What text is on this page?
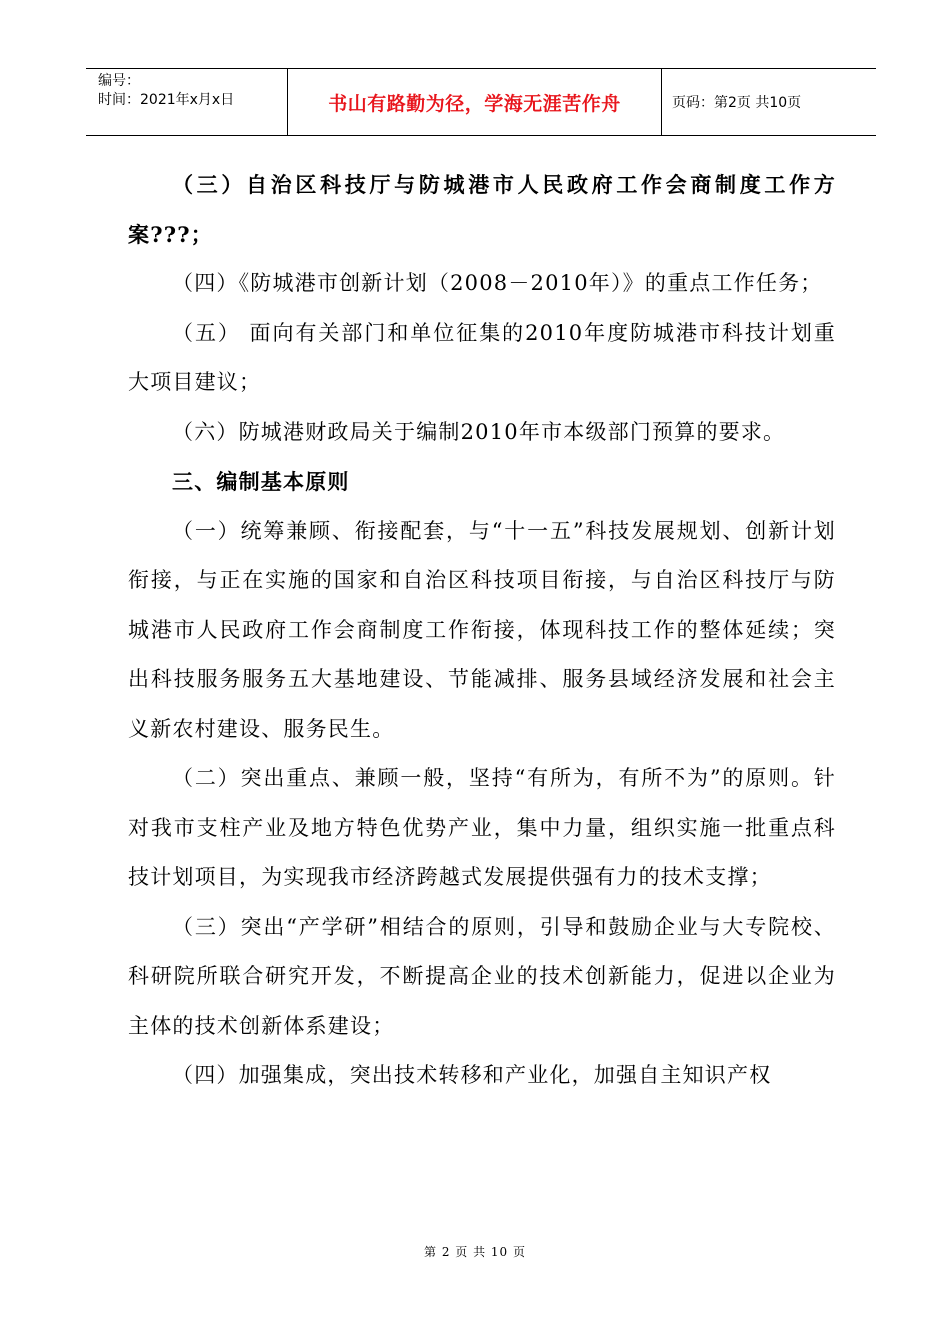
编号：
时间：2021年x月x日	书山有路勤为径，学海无涯苦作舟	页码：第2页 共10页

（三）自治区科技厅与防城港市人民政府工作会商制度工作方案???；

（四）《防城港市创新计划（2008－2010年）》的重点工作任务；

（五） 面向有关部门和单位征集的2010年度防城港市科技计划重大项目建议；

（六）防城港财政局关于编制2010年市本级部门预算的要求。

三、编制基本原则

（一）统筹兼顾、衔接配套，与“十一五”科技发展规划、创新计划衔接，与正在实施的国家和自治区科技项目衔接，与自治区科技厅与防城港市人民政府工作会商制度工作衔接，体现科技工作的整体延续；突出科技服务服务五大基地建设、节能减排、服务县域经济发展和社会主义新农村建设、服务民生。

（二）突出重点、兼顾一般，坚持“有所为，有所不为”的原则。针对我市支柱产业及地方特色优势产业，集中力量，组织实施一批重点科技计划项目，为实现我市经济跨越式发展提供强有力的技术支撑；

（三）突出“产学研”相结合的原则，引导和鼓励企业与大专院校、科研院所联合研究开发，不断提高企业的技术创新能力，促进以企业为主体的技术创新体系建设；

（四）加强集成，突出技术转移和产业化，加强自主知识产权

第 2 页 共 10 页
